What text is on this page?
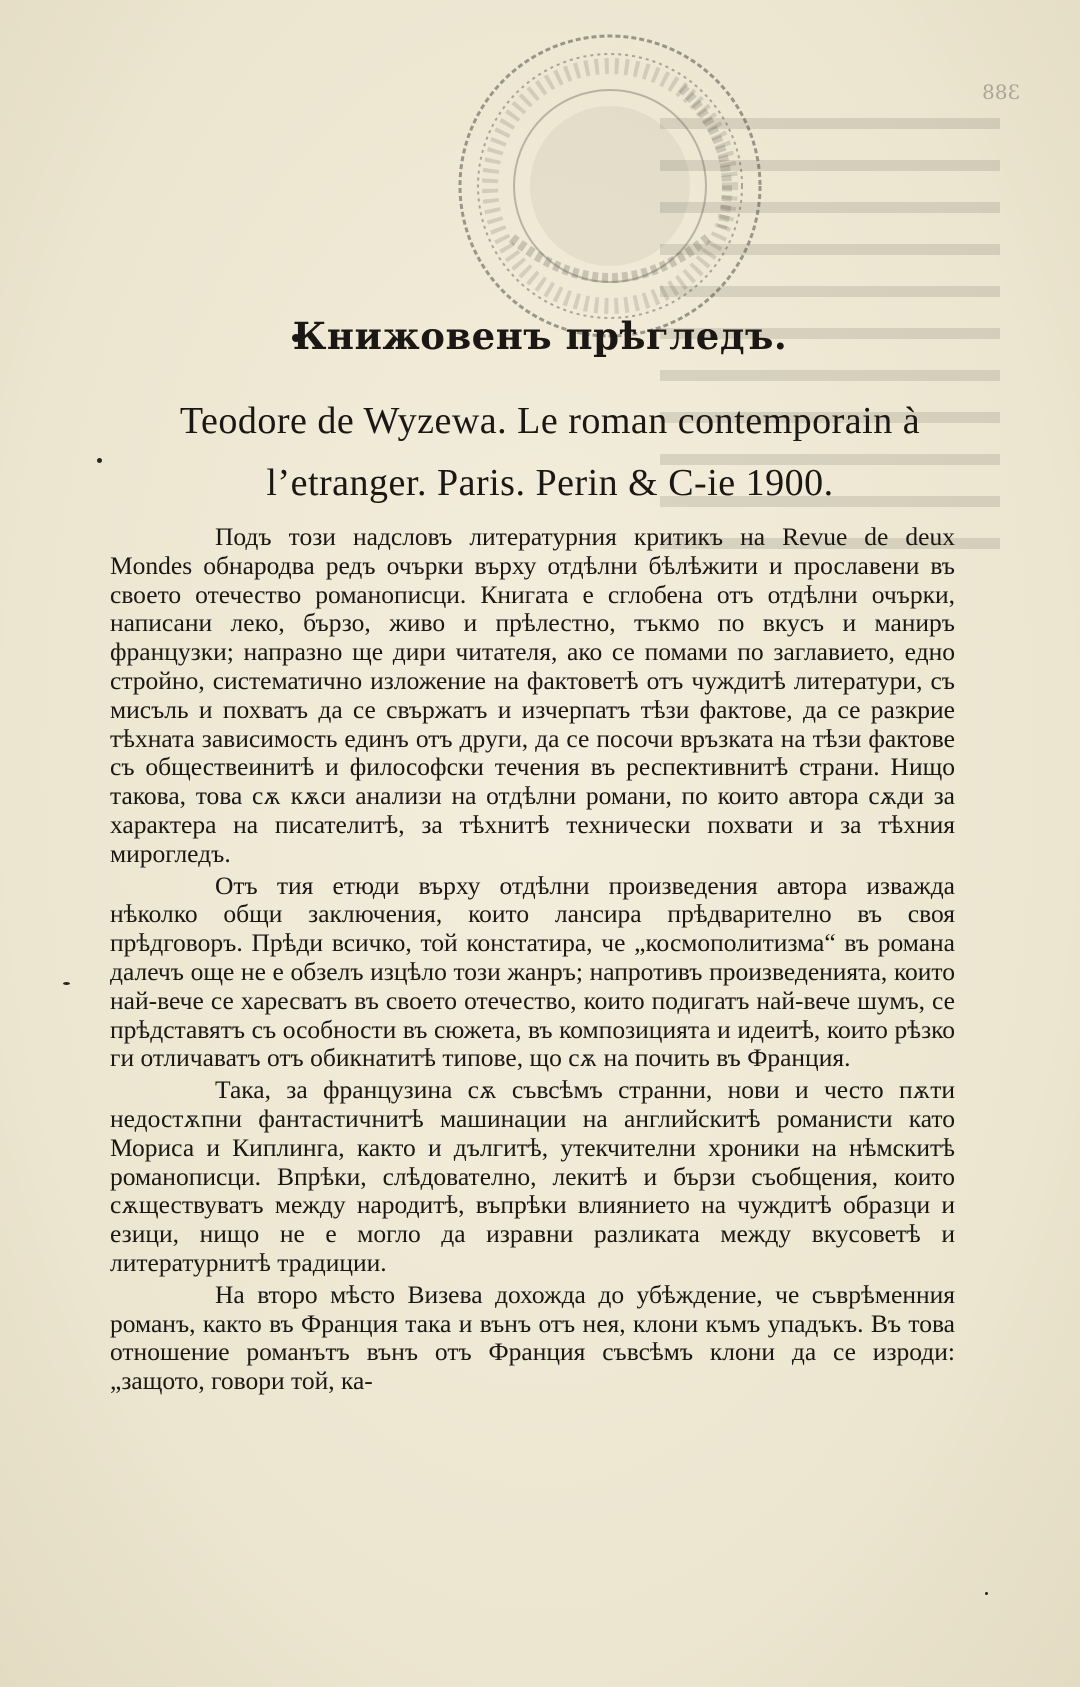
388
Книжовенъ прѣгледъ.
Teodore de Wyzewa. Le roman contemporain à
l’etranger. Paris. Perin & C-ie 1900.

Подъ този надсловъ литературния критикъ на Revue de deux Mondes обнародва редъ очърки върху отдѣлни бѣлѣжити и прославени въ своето отечество романописци. Книгата е сглобена отъ отдѣлни очърки, написани леко, бързо, живо и прѣлестно, тъкмо по вкусъ и маниръ французки; напразно ще дири читателя, ако се помами по заглавието, едно стройно, систематично изложение на фактоветѣ отъ чуждитѣ литератури, съ мисъль и похватъ да се свържатъ и изчерпатъ тѣзи фактове, да се разкрие тѣхната зависимость единъ отъ други, да се посочи връзката на тѣзи фактове съ обществеинитѣ и философски течения въ респективнитѣ страни. Нищо такова, това сѫ кѫси анализи на отдѣлни романи, по които автора сѫди за характера на писателитѣ, за тѣхнитѣ технически похвати и за тѣхния мирогледъ.

Отъ тия етюди върху отдѣлни произведения автора изважда нѣколко общи заключения, които лансира прѣдварително въ своя прѣдговоръ. Прѣди всичко, той констатира, че „космополитизма“ въ романа далечъ още не е обзелъ изцѣло този жанръ; напротивъ произведенията, които най-вече се харесватъ въ своето отечество, които подигатъ най-вече шумъ, се прѣдставятъ съ особности въ сюжета, въ композицията и идеитѣ, които рѣзко ги отличаватъ отъ обикнатитѣ типове, що сѫ на почить въ Франция.

Така, за французина сѫ съвсѣмъ странни, нови и често пѫти недостѫпни фантастичнитѣ машинации на английскитѣ романисти като Мориса и Киплинга, както и дългитѣ, утекчителни хроники на нѣмскитѣ романописци. Впрѣки, слѣдователно, лекитѣ и бързи съобщения, които сѫществуватъ между народитѣ, въпрѣки влиянието на чуждитѣ образци и езици, нищо не е могло да изравни разликата между вкусоветѣ и литературнитѣ традиции.

На второ мѣсто Визева дохожда до убѣждение, че съврѣменния романъ, както въ Франция така и вънъ отъ нея, клони къмъ упадъкъ. Въ това отношение романътъ вънъ отъ Франция съвсѣмъ клони да се изроди: „защото, говори той, ка-
